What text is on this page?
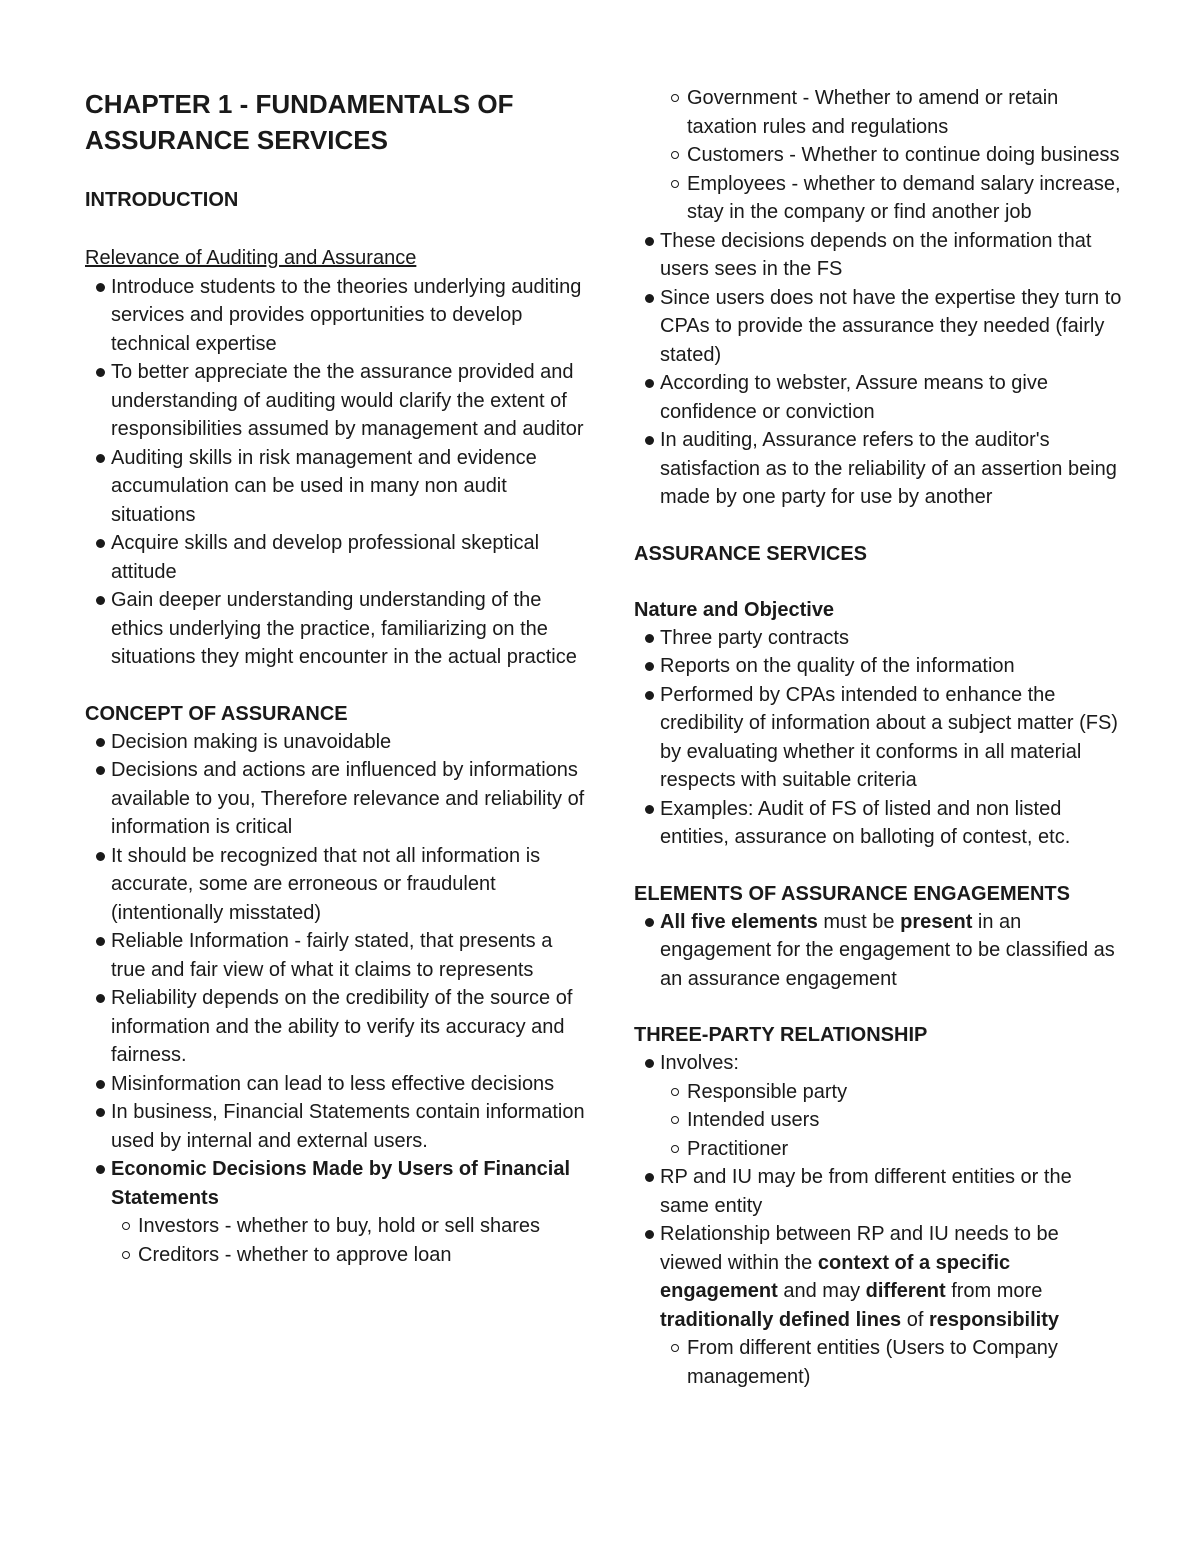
CHAPTER 1 - FUNDAMENTALS OF ASSURANCE SERVICES

INTRODUCTION

Relevance of Auditing and Assurance

Introduce students to the theories underlying auditing services and provides opportunities to develop technical expertise
To better appreciate the the assurance provided and understanding of auditing would clarify the extent of responsibilities assumed by management and auditor
Auditing skills in risk management and evidence accumulation can be used in many non audit situations
Acquire skills and develop professional skeptical attitude
Gain deeper understanding understanding of the ethics underlying the practice, familiarizing on the situations they might encounter in the actual practice

CONCEPT OF ASSURANCE

Decision making is unavoidable
Decisions and actions are influenced by informations available to you, Therefore relevance and reliability of information is critical
It should be recognized that not all information is accurate, some are erroneous or fraudulent (intentionally misstated)
Reliable Information - fairly stated, that presents a true and fair view of what it claims to represents
Reliability depends on the credibility of the source of information and the ability to verify its accuracy and fairness.
Misinformation can lead to less effective decisions
In business, Financial Statements contain information used by internal and external users.
Economic Decisions Made by Users of Financial Statements
Investors - whether to buy, hold or sell shares
Creditors - whether to approve loan
Government - Whether to amend or retain taxation rules and regulations
Customers - Whether to continue doing business
Employees - whether to demand salary increase, stay in the company or find another job
These decisions depends on the information that users sees in the FS
Since users does not have the expertise they turn to CPAs to provide the assurance they needed (fairly stated)
According to webster, Assure means to give confidence or conviction
In auditing, Assurance refers to the auditor's satisfaction as to the reliability of an assertion being made by one party for use by another

ASSURANCE SERVICES

Nature and Objective

Three party contracts
Reports on the quality of the information
Performed by CPAs intended to enhance the credibility of information about a subject matter (FS) by evaluating whether it conforms in all material respects with suitable criteria
Examples: Audit of FS of listed and non listed entities, assurance on balloting of contest, etc.

ELEMENTS OF ASSURANCE ENGAGEMENTS

All five elements must be present in an engagement for the engagement to be classified as an assurance engagement

THREE-PARTY RELATIONSHIP

Involves:
Responsible party
Intended users
Practitioner
RP and IU may be from different entities or the same entity
Relationship between RP and IU needs to be viewed within the context of a specific engagement and may different from more traditionally defined lines of responsibility
From different entities (Users to Company management)
